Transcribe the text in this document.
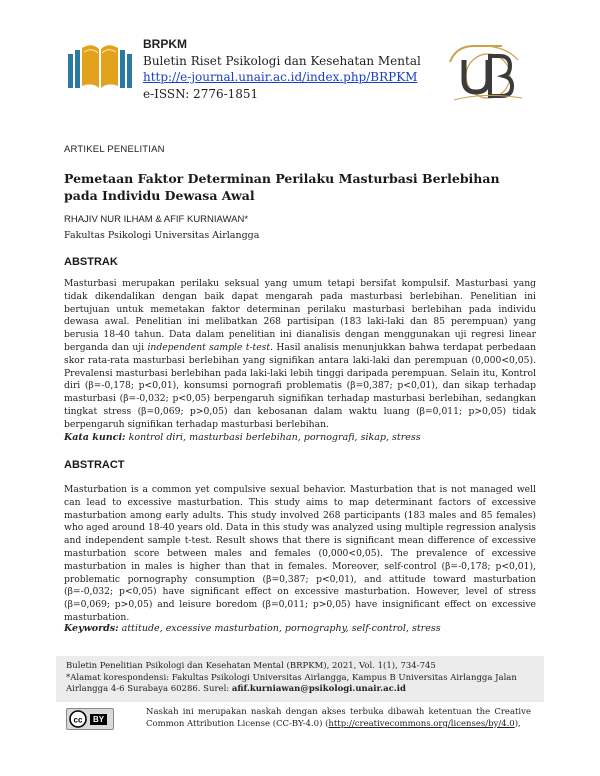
BRPKM
Buletin Riset Psikologi dan Kesehatan Mental
http://e-journal.unair.ac.id/index.php/BRPKM
e-ISSN: 2776-1851
ARTIKEL PENELITIAN
Pemetaan Faktor Determinan Perilaku Masturbasi Berlebihan pada Individu Dewasa Awal
RHAJIV NUR ILHAM & AFIF KURNIAWAN*
Fakultas Psikologi Universitas Airlangga
ABSTRAK
Masturbasi merupakan perilaku seksual yang umum tetapi bersifat kompulsif. Masturbasi yang tidak dikendalikan dengan baik dapat mengarah pada masturbasi berlebihan. Penelitian ini bertujuan untuk memetakan faktor determinan perilaku masturbasi berlebihan pada individu dewasa awal. Penelitian ini melibatkan 268 partisipan (183 laki-laki dan 85 perempuan) yang berusia 18-40 tahun. Data dalam penelitian ini dianalisis dengan menggunakan uji regresi linear berganda dan uji independent sample t-test. Hasil analisis menunjukkan bahwa terdapat perbedaan skor rata-rata masturbasi berlebihan yang signifikan antara laki-laki dan perempuan (0,000<0,05). Prevalensi masturbasi berlebihan pada laki-laki lebih tinggi daripada perempuan. Selain itu, Kontrol diri (β=-0,178; p<0,01), konsumsi pornografi problematis (β=0,387; p<0,01), dan sikap terhadap masturbasi (β=-0,032; p<0,05) berpengaruh signifikan terhadap masturbasi berlebihan, sedangkan tingkat stress (β=0,069; p>0,05) dan kebosanan dalam waktu luang (β=0,011; p>0,05) tidak berpengaruh signifikan terhadap masturbasi berlebihan.
Kata kunci: kontrol diri, masturbasi berlebihan, pornografi, sikap, stress
ABSTRACT
Masturbation is a common yet compulsive sexual behavior. Masturbation that is not managed well can lead to excessive masturbation. This study aims to map determinant factors of excessive masturbation among early adults. This study involved 268 participants (183 males and 85 females) who aged around 18-40 years old. Data in this study was analyzed using multiple regression analysis and independent sample t-test. Result shows that there is significant mean difference of excessive masturbation score between males and females (0,000<0,05). The prevalence of excessive masturbation in males is higher than that in females. Moreover, self-control (β=-0,178; p<0,01), problematic pornography consumption (β=0,387; p<0,01), and attitude toward masturbation (β=-0,032; p<0,05) have significant effect on excessive masturbation. However, level of stress (β=0,069; p>0,05) and leisure boredom (β=0,011; p>0,05) have insignificant effect on excessive masturbation.
Keywords: attitude, excessive masturbation, pornography, self-control, stress
Buletin Penelitian Psikologi dan Kesehatan Mental (BRPKM), 2021, Vol. 1(1), 734-745
*Alamat korespondensi: Fakultas Psikologi Universitas Airlangga, Kampus B Universitas Airlangga Jalan Airlangga 4-6 Surabaya 60286. Surel: afif.kurniawan@psikologi.unair.ac.id
cc	BY
Naskah ini merupakan naskah dengan akses terbuka dibawah ketentuan the Creative Common Attribution License (CC-BY-4.0) (http://creativecommons.org/licenses/by/4.0),
